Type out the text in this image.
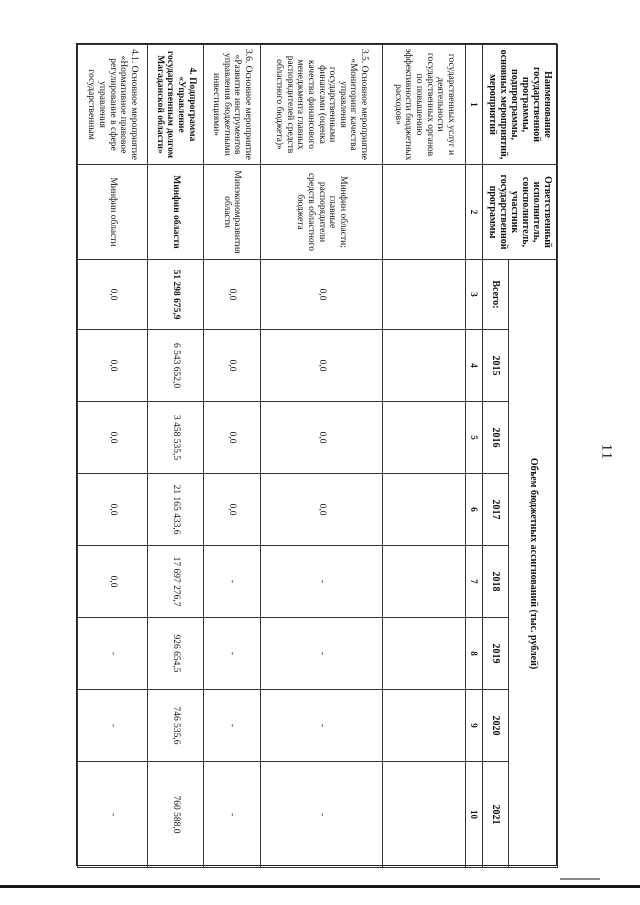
11
Наименование государственной программы, подпрограммы, основных мероприятий, мероприятий	Ответственный исполнитель, соисполнитель, участник государственной программы	Объем бюджетных ассигнований (тыс. рублей)							
		Всего:	2015	2016	2017	2018	2019	2020	2021
1	2	3	4	5	6	7	8	9	10
государственных услуг и деятельности государственных органов по повышению эффективности бюджетных расходов»									
3.5. Основное мероприятие «Мониторинг качества управления государственными финансами (оценка качества финансового менеджмента главных распорядителей средств областного бюджета)»	Минфин области; главные распорядители средств областного бюджета	0,0	0,0	0,0	0,0	-	-	-	-
3.6. Основное мероприятие «Развитие инструментов управления бюджетными инвестициями»	Минэкономразвития области	0,0	0,0	0,0	0,0	-	-	-	-
4. Подпрограмма «Управление государственным долгом Магаданской области»	Минфин области	51 298 675,9	6 543 652,0	3 458 535,5	21 165 433,6	17 697 276,7	926 654,5	746 535,6	760 588,0
4.1. Основное мероприятие «Нормативное правовое регулирование в сфере управления государственным	Минфин области	0,0	0,0	0,0	0,0	0,0	-	-	-
